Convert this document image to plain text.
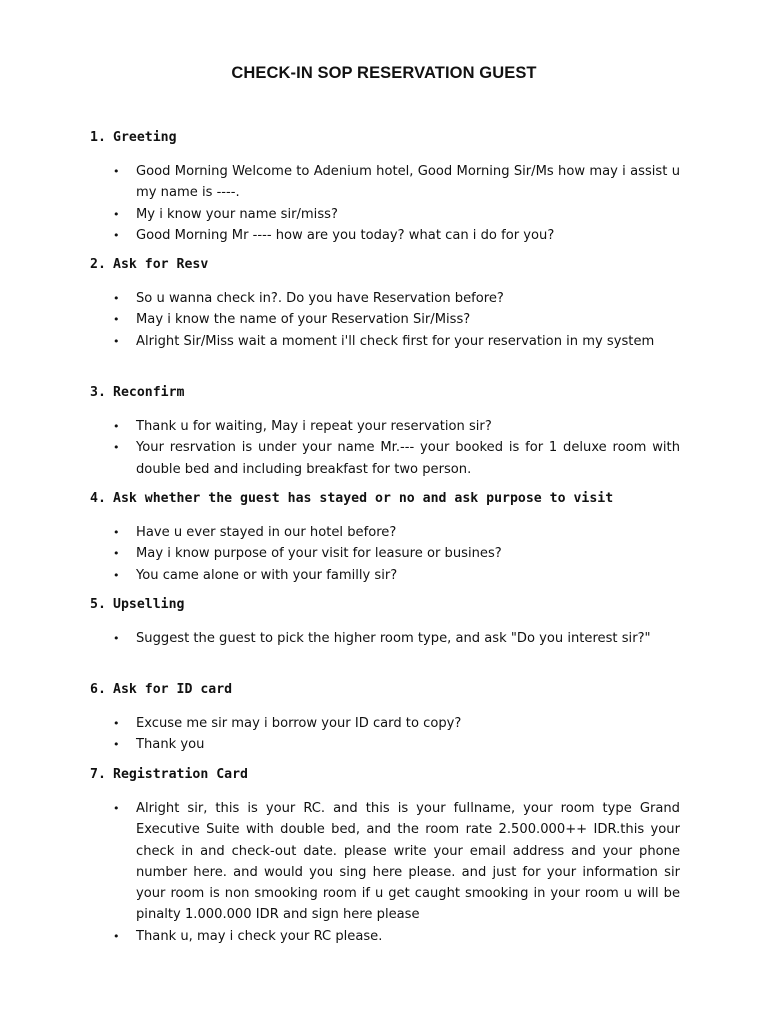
CHECK-IN SOP RESERVATION GUEST
1. Greeting
• Good Morning Welcome to Adenium hotel, Good Morning Sir/Ms how may i assist u my name is ----.
• My i know your name sir/miss?
• Good Morning Mr ---- how are you today? what can i do for you?
2. Ask for Resv
• So u wanna check in?. Do you have Reservation before?
• May i know the name of your Reservation Sir/Miss?
• Alright Sir/Miss wait a moment i'll check first for your reservation in my system
3. Reconfirm
• Thank u for waiting, May i repeat your reservation sir?
• Your resrvation is under your name Mr.--- your booked is for 1 deluxe room with double bed and including breakfast for two person.
4. Ask whether the guest has stayed or no and ask purpose to visit
• Have u ever stayed in our hotel before?
• May i know purpose of your visit for leasure or busines?
• You came alone or with your familly sir?
5. Upselling
• Suggest the guest to pick the higher room type, and ask "Do you interest sir?"
6. Ask for ID card
• Excuse me sir may i borrow your ID card to copy?
• Thank you
7. Registration Card
• Alright sir, this is your RC. and this is your fullname, your room type Grand Executive Suite with double bed, and the room rate 2.500.000++ IDR.this your check in and check-out date. please write your email address and your phone number here. and would you sing here please. and just for your information sir your room is non smooking room if u get caught smooking in your room u will be pinalty 1.000.000 IDR and sign here please
• Thank u, may i check your RC please.
